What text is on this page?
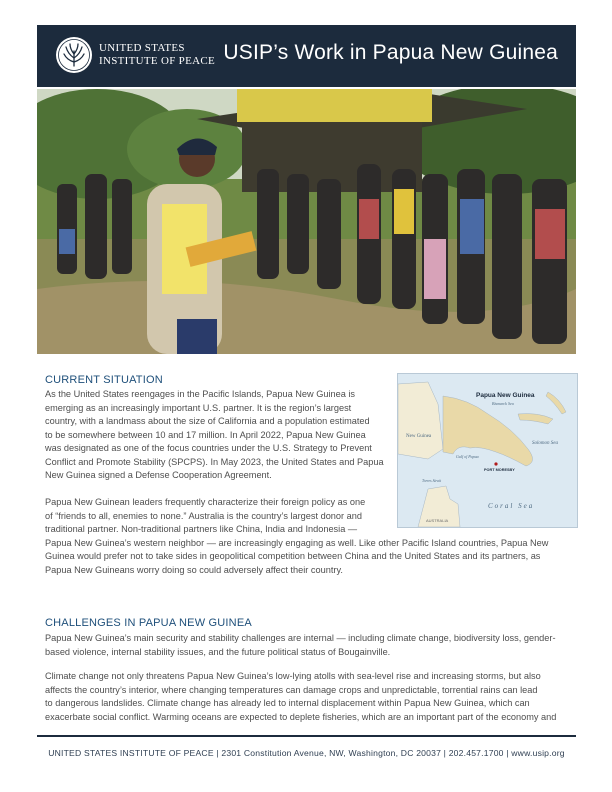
UNITED STATES
INSTITUTE OF PEACE USIP’s Work in Papua New Guinea
CURRENT SITUATION
As the United States reengages in the Pacific Islands, Papua New Guinea is
emerging as an increasingly important U.S. partner. It is the region’s largest
country, with a landmass about the size of California and a population estimated
to be somewhere between 10 and 17 million. In April 2022, Papua New Guinea
was designated as one of the focus countries under the U.S. Strategy to Prevent
Conflict and Promote Stability (SPCPS). In May 2023, the United States and Papua
New Guinea signed a Defense Cooperation Agreement.
Papua New Guinean leaders frequently characterize their foreign policy as one
of “friends to all, enemies to none.” Australia is the country’s largest donor and
traditional partner. Non-traditional partners like China, India and Indonesia —
Papua New Guinea’s western neighbor — are increasingly engaging as well. Like other Pacific Island countries, Papua New
Guinea would prefer not to take sides in geopolitical competition between China and the United States and its partners, as
Papua New Guineans worry doing so could adversely affect their country.
Papua New Guinea
Bismarck Sea
New Guinea
Gulf of Papua
PORT MORESBY
Solomon Sea
Coral Sea
Torres Strait
AUSTRALIA
CHALLENGES IN PAPUA NEW GUINEA
Papua New Guinea’s main security and stability challenges are internal — including climate change, biodiversity loss, gender-
based violence, internal stability issues, and the future political status of Bougainville.
Climate change not only threatens Papua New Guinea’s low-lying atolls with sea-level rise and increasing storms, but also
affects the country’s interior, where changing temperatures can damage crops and unpredictable, torrential rains can lead
to dangerous landslides. Climate change has already led to internal displacement within Papua New Guinea, which can
exacerbate social conflict. Warming oceans are expected to deplete fisheries, which are an important part of the economy and
UNITED STATES INSTITUTE OF PEACE | 2301 Constitution Avenue, NW, Washington, DC 20037 | 202.457.1700 | www.usip.org
